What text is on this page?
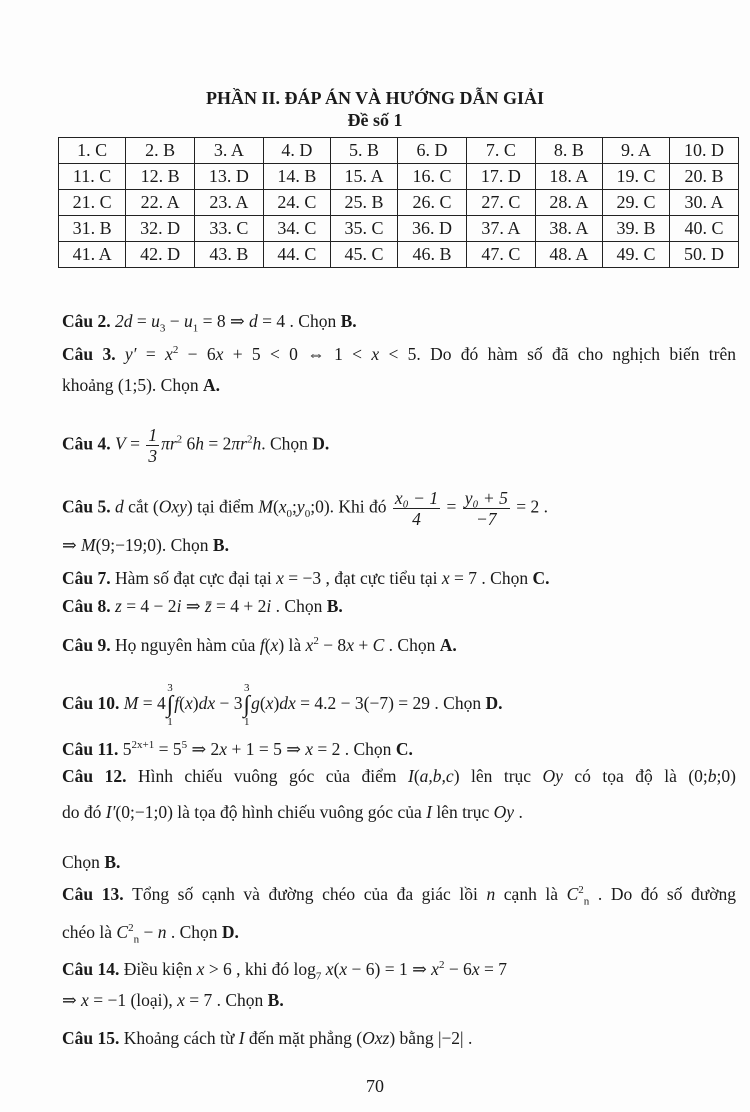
PHẦN II. ĐÁP ÁN VÀ HƯỚNG DẪN GIẢI
Đề số 1
1. C	2. B	3. A	4. D	5. B	6. D	7. C	8. B	9. A	10. D
11. C	12. B	13. D	14. B	15. A	16. C	17. D	18. A	19. C	20. B
21. C	22. A	23. A	24. C	25. B	26. C	27. C	28. A	29. C	30. A
31. B	32. D	33. C	34. C	35. C	36. D	37. A	38. A	39. B	40. C
41. A	42. D	43. B	44. C	45. C	46. B	47. C	48. A	49. C	50. D
Câu 2. $2d = u_3 - u_1 = 8$ ⇒ d = 4 . Chọn B.
Câu 3. $y' = x^2 - 6x + 5 < 0$ ⇔ 1 < x < 5. Do đó hàm số đã cho nghịch biến trên
khoảng (1;5). Chọn A.
Câu 4. $V = \frac{1}{3} \pi r^2$ $6h = 2\pi r^2h$. Chọn D.
Câu 5. d cắt (Oxy) tại điểm $M(x_0;y_0;0)$. Khi đó $\frac{\text{x₀ − 1}}{4} = \frac{\text{y₀ + 5}}{-7} = 2$ .
⇒ M(9;−19;0). Chọn B.
Câu 7. Hàm số đạt cực đại tại x = −3 , đạt cực tiểu tại x = 7 . Chọn C.
Câu 8. z = 4 − 2i ⇒ z̄ = 4 + 2i . Chọn B.
Câu 9. Họ nguyên hàm của f(x) là $x^2 - 8x + C$ . Chọn A.
Câu 10. M = 43
∫
1f(x)dx − 33
∫
1g(x)dx = 4.2 − 3(−7) = 29 . Chọn D.
Câu 11. $5^{2x+1} = 5^5$ ⇒ 2x + 1 = 5 ⇒ x = 2 . Chọn C.
Câu 12. Hình chiếu vuông góc của điểm I(a,b,c) lên trục Oy có tọa độ là (0;b;0)
do đó I′(0;−1;0) là tọa độ hình chiếu vuông góc của I lên trục Oy .
Chọn B.
Câu 13. Tổng số cạnh và đường chéo của đa giác lồi n cạnh là $C^2_n$ . Do đó số đường
chéo là $C^2_n - n$ . Chọn D.
Câu 14. Điều kiện x > 6 , khi đó $\log_7 x(x - 6) = 1$ ⇒ $x^2 - 6x = 7$
⇒ x = −1 (loại), x = 7 . Chọn B.
Câu 15. Khoảng cách từ I đến mặt phẳng (Oxz) bằng |−2| .
70
